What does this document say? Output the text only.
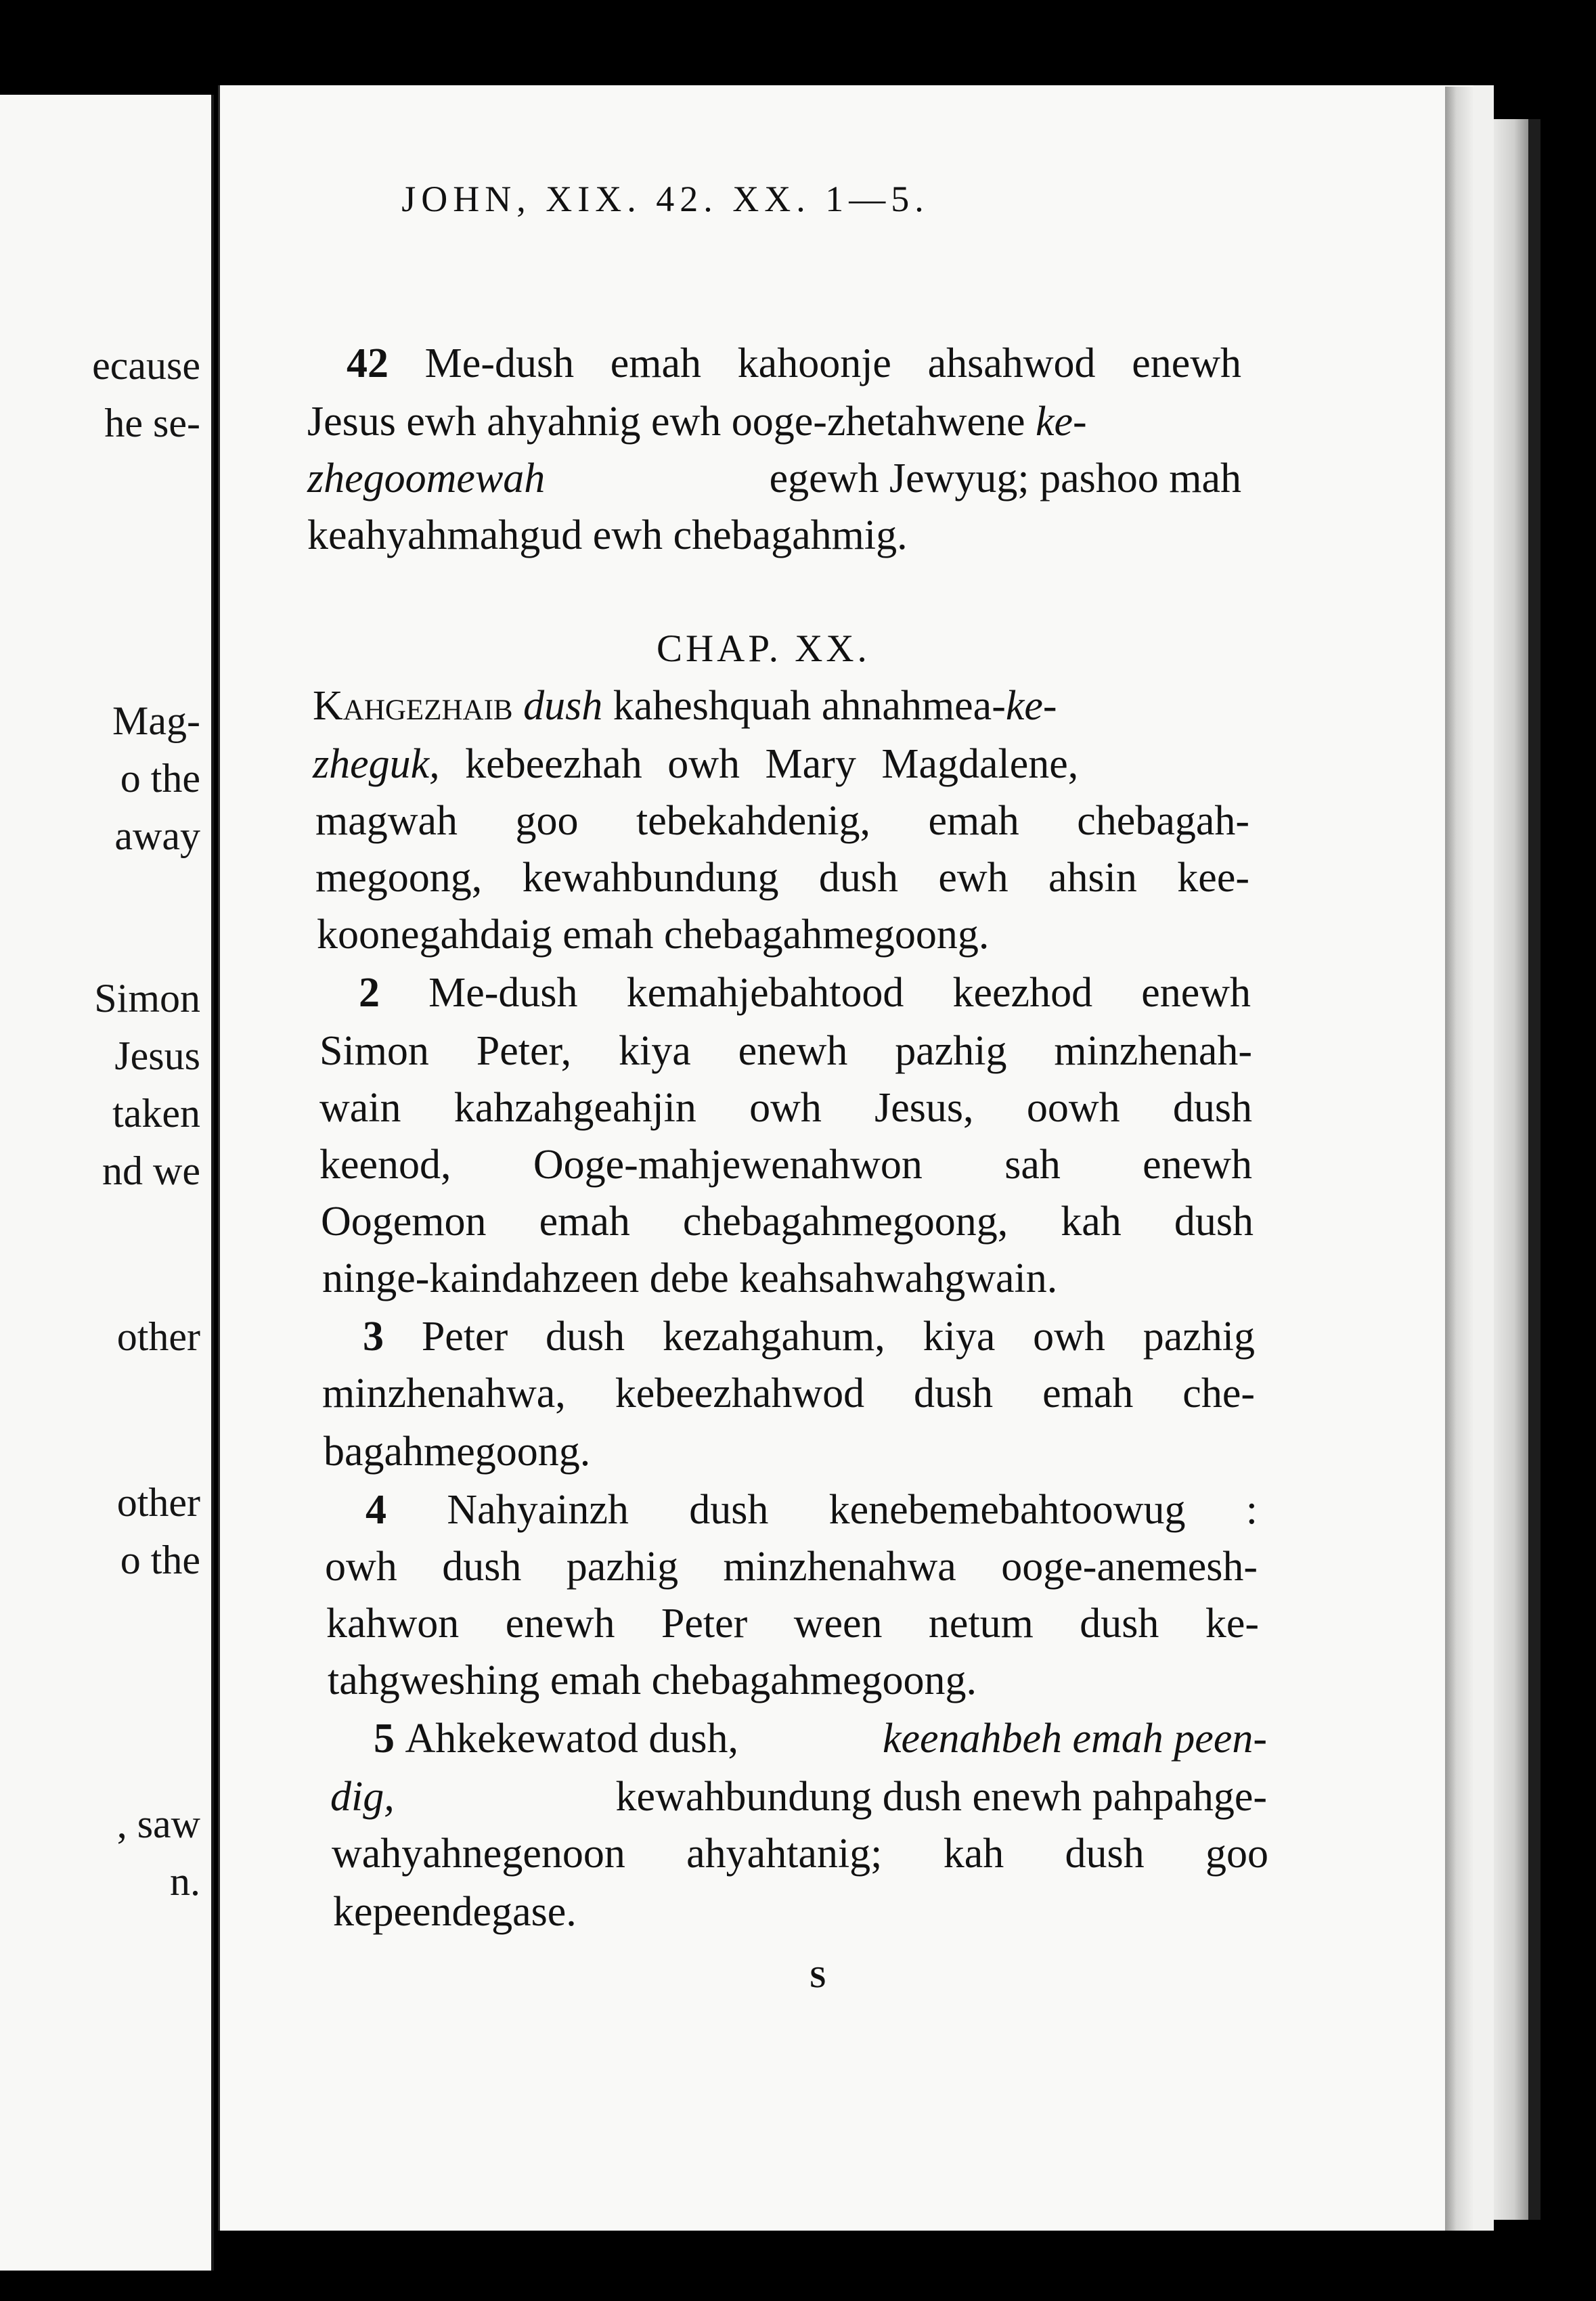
ecause
he se-
Mag-
o the
away
Simon
Jesus
taken
nd we
other
other
o the
, saw
n.
JOHN, XIX. 42. XX. 1—5.
42 Me-dush emah kahoonje ahsahwod enewh
Jesus ewh ahyahnig ewh ooge-zhetahwene ke-
zhegoomewah	egewh Jewyug; pashoo mah
keahyahmahgud ewh chebagahmig.
CHAP. XX.
Kahgezhaib dush kaheshquah ahnahmea-ke-
zheguk, kebeezhah owh Mary Magdalene,
magwah goo tebekahdenig, emah chebagah-
megoong, kewahbundung dush ewh ahsin kee-
koonegahdaig emah chebagahmegoong.
2 Me-dush kemahjebahtood keezhod enewh
Simon Peter, kiya enewh pazhig minzhenah-
wain kahzahgeahjin owh Jesus, oowh dush
keenod, Ooge-mahjewenahwon sah enewh
Oogemon emah chebagahmegoong, kah dush
ninge-kaindahzeen debe keahsahwahgwain.
3 Peter dush kezahgahum, kiya owh pazhig
minzhenahwa, kebeezhahwod dush emah che-
bagahmegoong.
4 Nahyainzh dush kenebemebahtoowug :
owh dush pazhig minzhenahwa ooge-anemesh-
kahwon enewh Peter ween netum dush ke-
tahgweshing emah chebagahmegoong.
5 Ahkekewatod dush,	keenahbeh emah peen-
dig,	kewahbundung dush enewh pahpahge-
wahyahnegenoon ahyahtanig; kah dush goo
kepeendegase.
S
